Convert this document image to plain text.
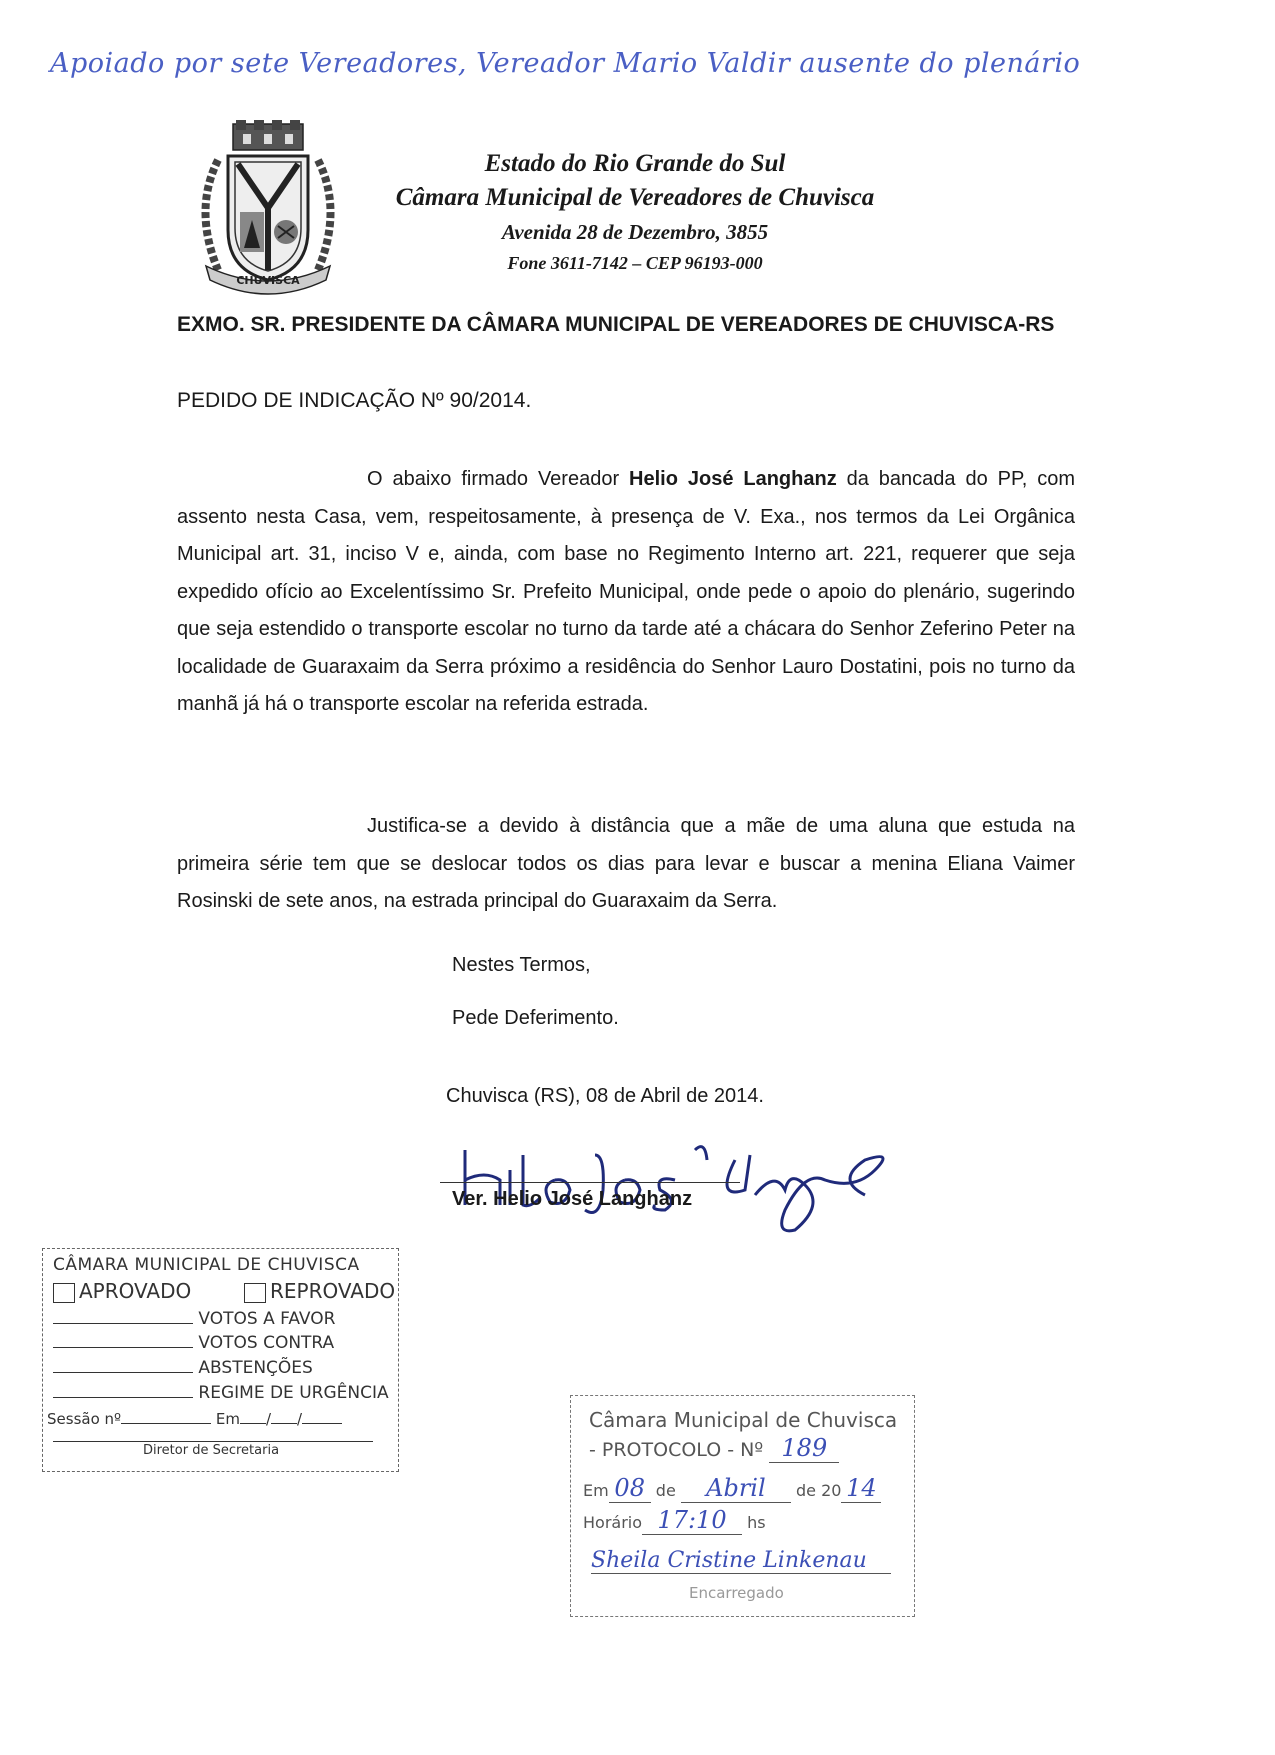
Apoiado por sete Vereadores, Vereador Mario Valdir ausente do plenário
CHUVISCA
Estado do Rio Grande do Sul
Câmara Municipal de Vereadores de Chuvisca
Avenida 28 de Dezembro, 3855
Fone 3611-7142 – CEP 96193-000
EXMO. SR. PRESIDENTE DA CÂMARA MUNICIPAL DE VEREADORES DE CHUVISCA-RS
PEDIDO DE INDICAÇÃO Nº 90/2014.
O abaixo firmado Vereador Helio José Langhanz da bancada do PP, com assento nesta Casa, vem, respeitosamente, à presença de V. Exa., nos termos da Lei Orgânica Municipal art. 31, inciso V e, ainda, com base no Regimento Interno art. 221, requerer que seja expedido ofício ao Excelentíssimo Sr. Prefeito Municipal, onde pede o apoio do plenário, sugerindo que seja estendido o transporte escolar no turno da tarde até a chácara do Senhor Zeferino Peter na localidade de Guaraxaim da Serra próximo a residência do Senhor Lauro Dostatini, pois no turno da manhã já há o transporte escolar na referida estrada.
Justifica-se a devido à distância que a mãe de uma aluna que estuda na primeira série tem que se deslocar todos os dias para levar e buscar a menina Eliana Vaimer Rosinski de sete anos, na estrada principal do Guaraxaim da Serra.
Nestes Termos,
Pede Deferimento.
Chuvisca (RS), 08 de Abril de 2014.
Helio José Langhanz
Ver. Helio José Langhanz
CÂMARA MUNICIPAL DE CHUVISCA
APROVADO	REPROVADO
VOTOS A FAVOR
VOTOS CONTRA
ABSTENÇÕES
REGIME DE URGÊNCIA
Sessão nº	Em / /
Diretor de Secretaria
Câmara Municipal de Chuvisca
- PROTOCOLO - Nº 189
Em 08 de Abril de 20 14
Horário 17:10 hs
Sheila Cristine Linkenau
Encarregado
